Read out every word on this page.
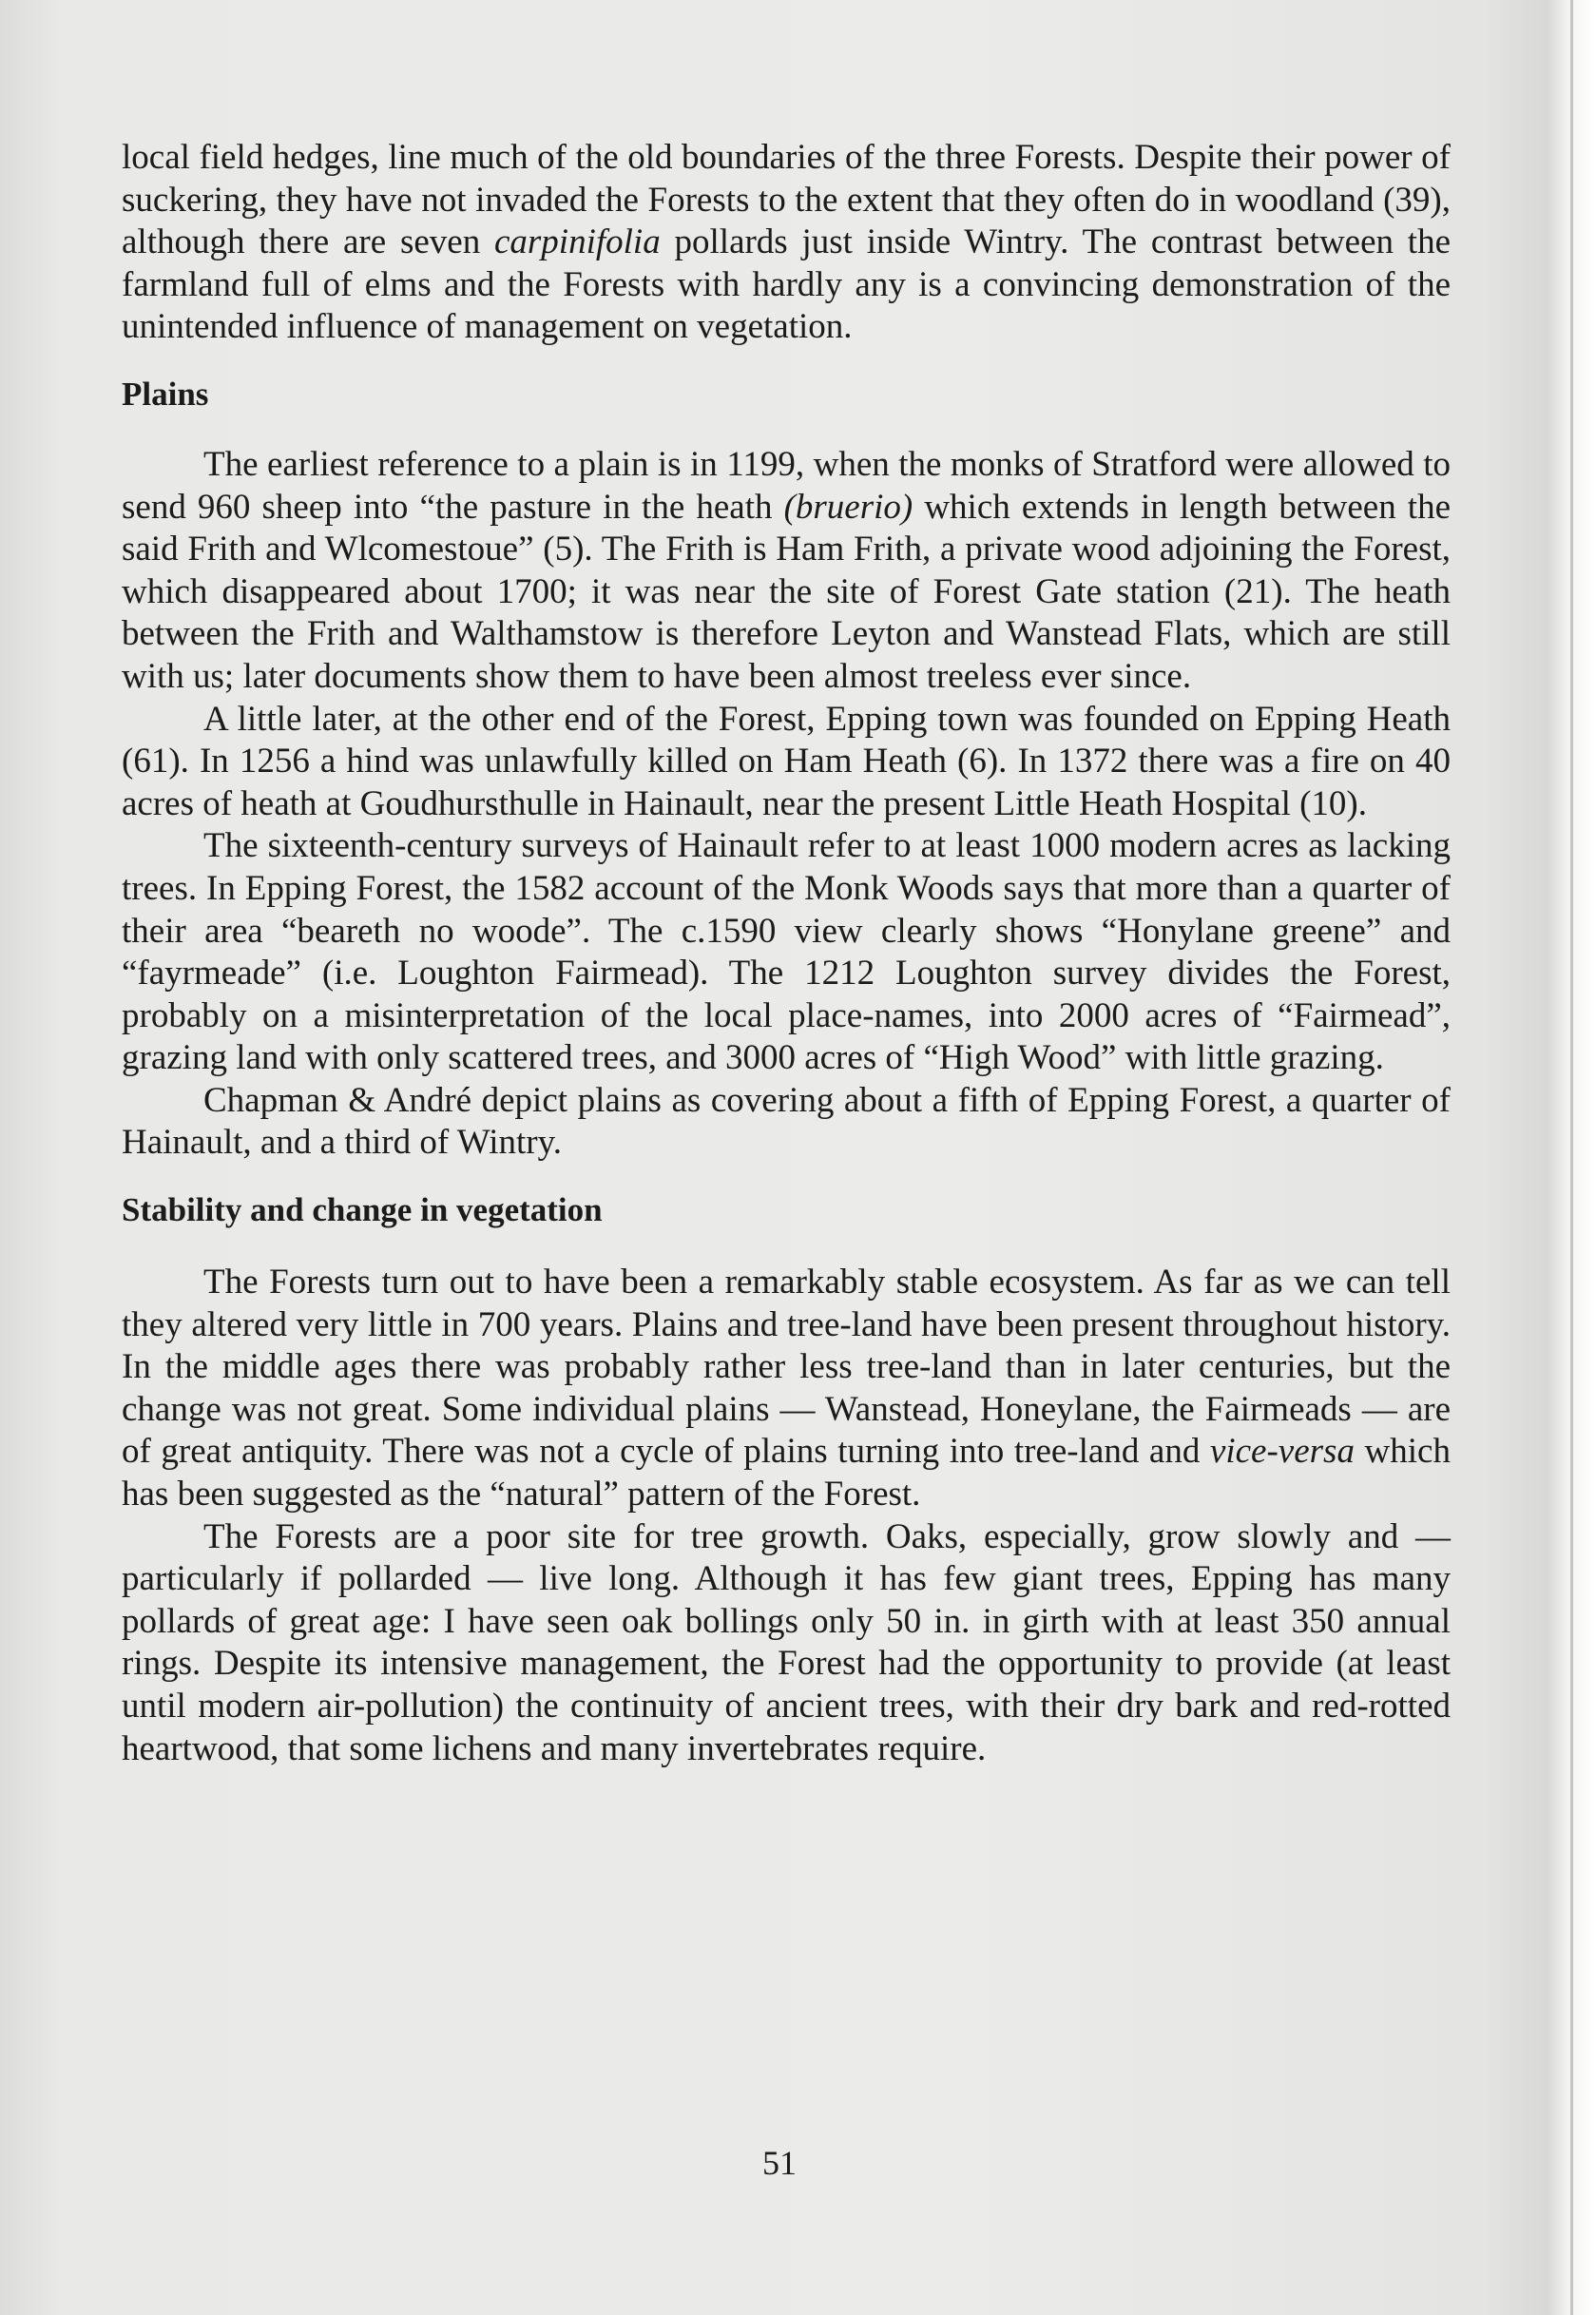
local field hedges, line much of the old boundaries of the three Forests. Despite their power of suckering, they have not invaded the Forests to the extent that they often do in woodland (39), although there are seven carpinifolia pollards just inside Wintry. The contrast between the farmland full of elms and the Forests with hardly any is a convincing demonstration of the unintended influence of management on vegetation.

Plains

The earliest reference to a plain is in 1199, when the monks of Stratford were allowed to send 960 sheep into “the pasture in the heath (bruerio) which extends in length between the said Frith and Wlcomestoue” (5). The Frith is Ham Frith, a private wood adjoining the Forest, which disappeared about 1700; it was near the site of Forest Gate station (21). The heath between the Frith and Walthamstow is therefore Leyton and Wanstead Flats, which are still with us; later documents show them to have been almost treeless ever since.

A little later, at the other end of the Forest, Epping town was founded on Epping Heath (61). In 1256 a hind was unlawfully killed on Ham Heath (6). In 1372 there was a fire on 40 acres of heath at Goudhursthulle in Hainault, near the present Little Heath Hospital (10).

The sixteenth-century surveys of Hainault refer to at least 1000 modern acres as lacking trees. In Epping Forest, the 1582 account of the Monk Woods says that more than a quarter of their area “beareth no woode”. The c.1590 view clearly shows “Honylane greene” and “fayrmeade” (i.e. Loughton Fairmead). The 1212 Loughton survey divides the Forest, probably on a misinterpretation of the local place-names, into 2000 acres of “Fairmead”, grazing land with only scattered trees, and 3000 acres of “High Wood” with little grazing.

Chapman & André depict plains as covering about a fifth of Epping Forest, a quarter of Hainault, and a third of Wintry.

Stability and change in vegetation

The Forests turn out to have been a remarkably stable ecosystem. As far as we can tell they altered very little in 700 years. Plains and tree-land have been present throughout history. In the middle ages there was probably rather less tree-land than in later centuries, but the change was not great. Some individual plains — Wanstead, Honeylane, the Fairmeads — are of great antiquity. There was not a cycle of plains turning into tree-land and vice-versa which has been suggested as the “natural” pattern of the Forest.

The Forests are a poor site for tree growth. Oaks, especially, grow slowly and — particularly if pollarded — live long. Although it has few giant trees, Epping has many pollards of great age: I have seen oak bollings only 50 in. in girth with at least 350 annual rings. Despite its intensive management, the Forest had the opportunity to provide (at least until modern air-pollution) the continuity of ancient trees, with their dry bark and red-rotted heartwood, that some lichens and many invertebrates require.

51
